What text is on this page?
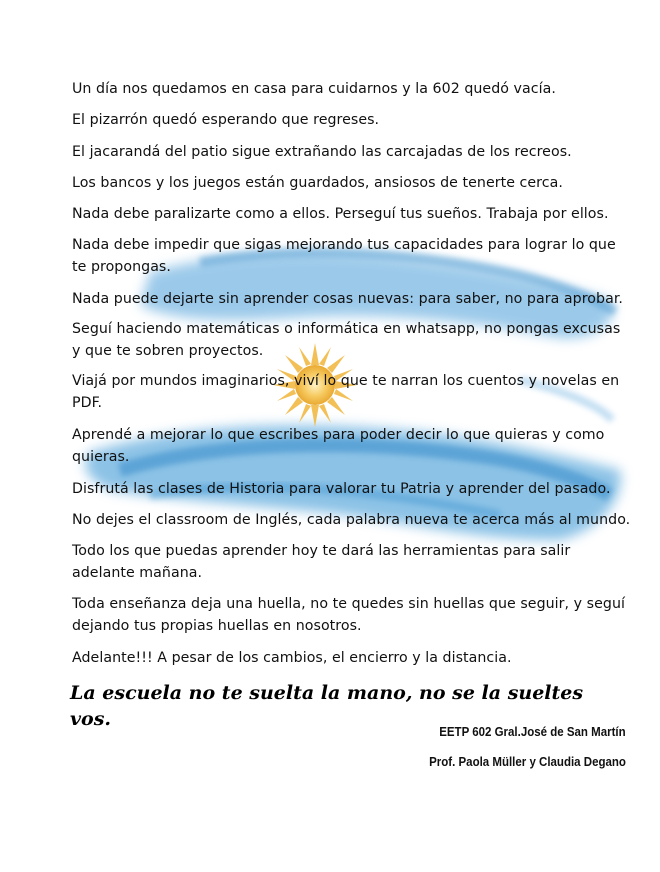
Un día nos quedamos en casa para cuidarnos y la 602 quedó vacía.

El pizarrón quedó esperando que regreses.

El jacarandá del patio sigue extrañando las carcajadas de los recreos.

Los bancos y los juegos están guardados, ansiosos de tenerte cerca.

Nada debe paralizarte como a ellos. Perseguí tus sueños. Trabaja por ellos.

Nada debe impedir que sigas mejorando tus capacidades para lograr lo que te propongas.

Nada puede dejarte sin aprender cosas nuevas: para saber, no para aprobar.

Seguí haciendo matemáticas o informática en whatsapp, no pongas excusas y que te sobren proyectos.

Viajá por mundos imaginarios, viví lo que te narran los cuentos y novelas en PDF.

Aprendé a mejorar lo que escribes para poder decir lo que quieras y como quieras.

Disfrutá las clases de Historia para valorar tu Patria y aprender del pasado.

No dejes el classroom de Inglés, cada palabra nueva te acerca más al mundo.

Todo los que puedas aprender hoy te dará las herramientas para salir adelante mañana.

Toda enseñanza deja una huella, no te quedes sin huellas que seguir, y seguí dejando tus propias huellas en nosotros.

Adelante!!! A pesar de los cambios, el encierro y la distancia.

La escuela no te suelta la mano, no se la sueltes vos.
EETP 602 Gral.José de San Martín
Prof. Paola Müller y Claudia Degano
